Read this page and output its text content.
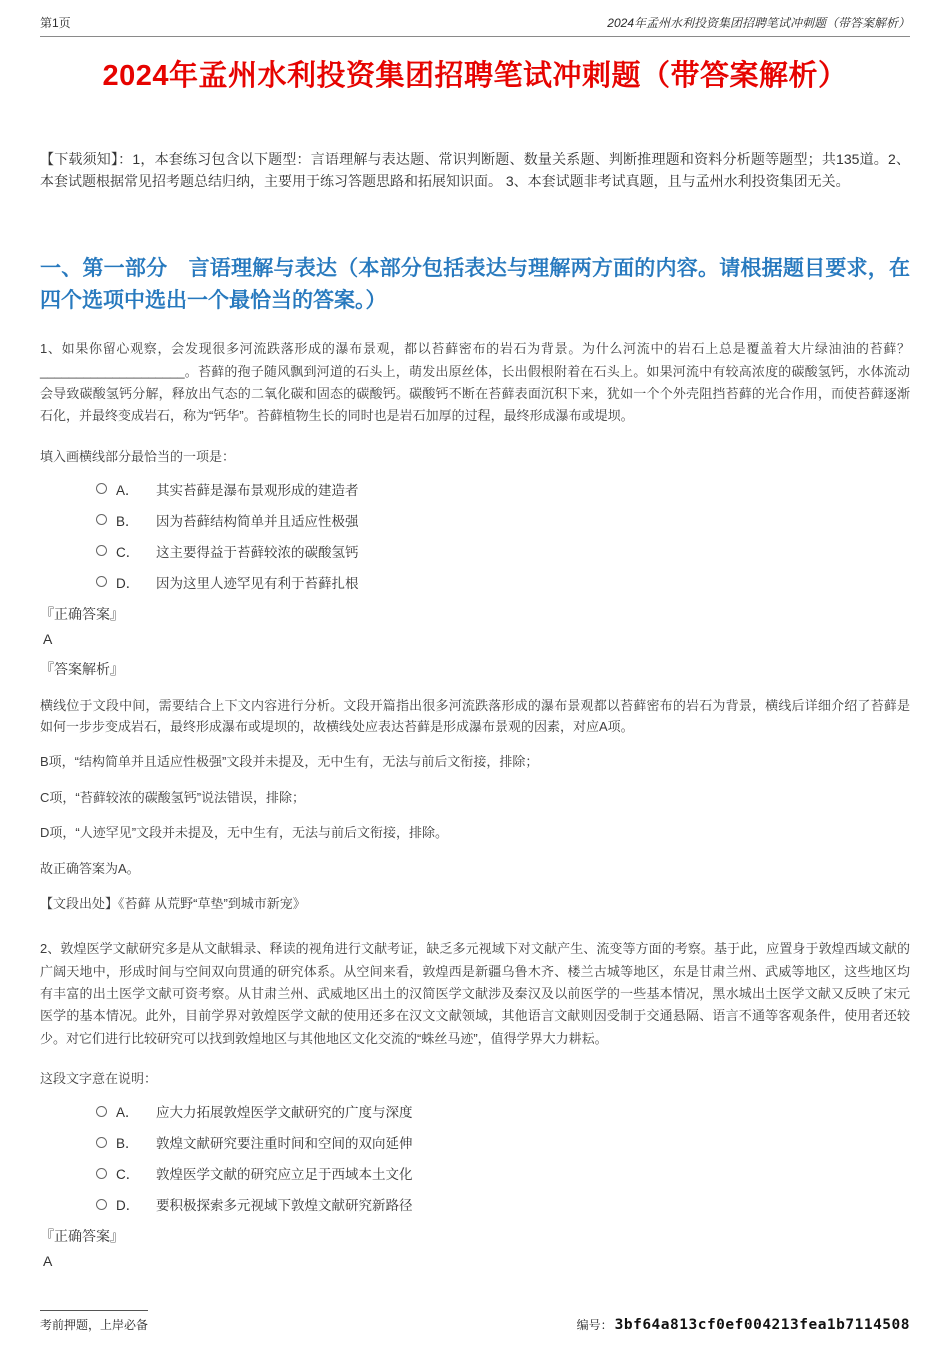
第1页	2024年孟州水利投资集团招聘笔试冲刺题（带答案解析）
2024年孟州水利投资集团招聘笔试冲刺题（带答案解析）

【下载须知】：1，本套练习包含以下题型：言语理解与表达题、常识判断题、数量关系题、判断推理题和资料分析题等题型；共135道。2、本套试题根据常见招考题总结归纳，主要用于练习答题思路和拓展知识面。 3、本套试题非考试真题，且与孟州水利投资集团无关。

一、第一部分　言语理解与表达（本部分包括表达与理解两方面的内容。请根据题目要求，在四个选项中选出一个最恰当的答案。）

1、如果你留心观察，会发现很多河流跌落形成的瀑布景观，都以苔藓密布的岩石为背景。为什么河流中的岩石上总是覆盖着大片绿油油的苔藓？____________________。苔藓的孢子随风飘到河道的石头上，萌发出原丝体，长出假根附着在石头上。如果河流中有较高浓度的碳酸氢钙，水体流动会导致碳酸氢钙分解，释放出气态的二氧化碳和固态的碳酸钙。碳酸钙不断在苔藓表面沉积下来，犹如一个个外壳阻挡苔藓的光合作用，而使苔藓逐渐石化，并最终变成岩石，称为“钙华”。苔藓植物生长的同时也是岩石加厚的过程，最终形成瀑布或堤坝。

填入画横线部分最恰当的一项是：

A．	其实苔藓是瀑布景观形成的建造者
B．	因为苔藓结构简单并且适应性极强
C．	这主要得益于苔藓较浓的碳酸氢钙
D．	因为这里人迹罕见有利于苔藓扎根
『正确答案』
A
『答案解析』

横线位于文段中间，需要结合上下文内容进行分析。文段开篇指出很多河流跌落形成的瀑布景观都以苔藓密布的岩石为背景，横线后详细介绍了苔藓是如何一步步变成岩石，最终形成瀑布或堤坝的，故横线处应表达苔藓是形成瀑布景观的因素，对应A项。

B项，“结构简单并且适应性极强”文段并未提及，无中生有，无法与前后文衔接，排除；

C项，“苔藓较浓的碳酸氢钙”说法错误，排除；

D项，“人迹罕见”文段并未提及，无中生有，无法与前后文衔接，排除。

故正确答案为A。

【文段出处】《苔藓 从荒野“草垫”到城市新宠》

2、敦煌医学文献研究多是从文献辑录、释读的视角进行文献考证，缺乏多元视域下对文献产生、流变等方面的考察。基于此，应置身于敦煌西域文献的广阔天地中，形成时间与空间双向贯通的研究体系。从空间来看，敦煌西是新疆乌鲁木齐、楼兰古城等地区，东是甘肃兰州、武威等地区，这些地区均有丰富的出土医学文献可资考察。从甘肃兰州、武威地区出土的汉简医学文献涉及秦汉及以前医学的一些基本情况，黑水城出土医学文献又反映了宋元医学的基本情况。此外，目前学界对敦煌医学文献的使用还多在汉文文献领域，其他语言文献则因受制于交通悬隔、语言不通等客观条件，使用者还较少。对它们进行比较研究可以找到敦煌地区与其他地区文化交流的“蛛丝马迹”，值得学界大力耕耘。

这段文字意在说明：

A．	应大力拓展敦煌医学文献研究的广度与深度
B．	敦煌文献研究要注重时间和空间的双向延伸
C．	敦煌医学文献的研究应立足于西域本土文化
D．	要积极探索多元视域下敦煌文献研究新路径
『正确答案』
A
考前押题，上岸必备	编号： 3bf64a813cf0ef004213fea1b7114508
